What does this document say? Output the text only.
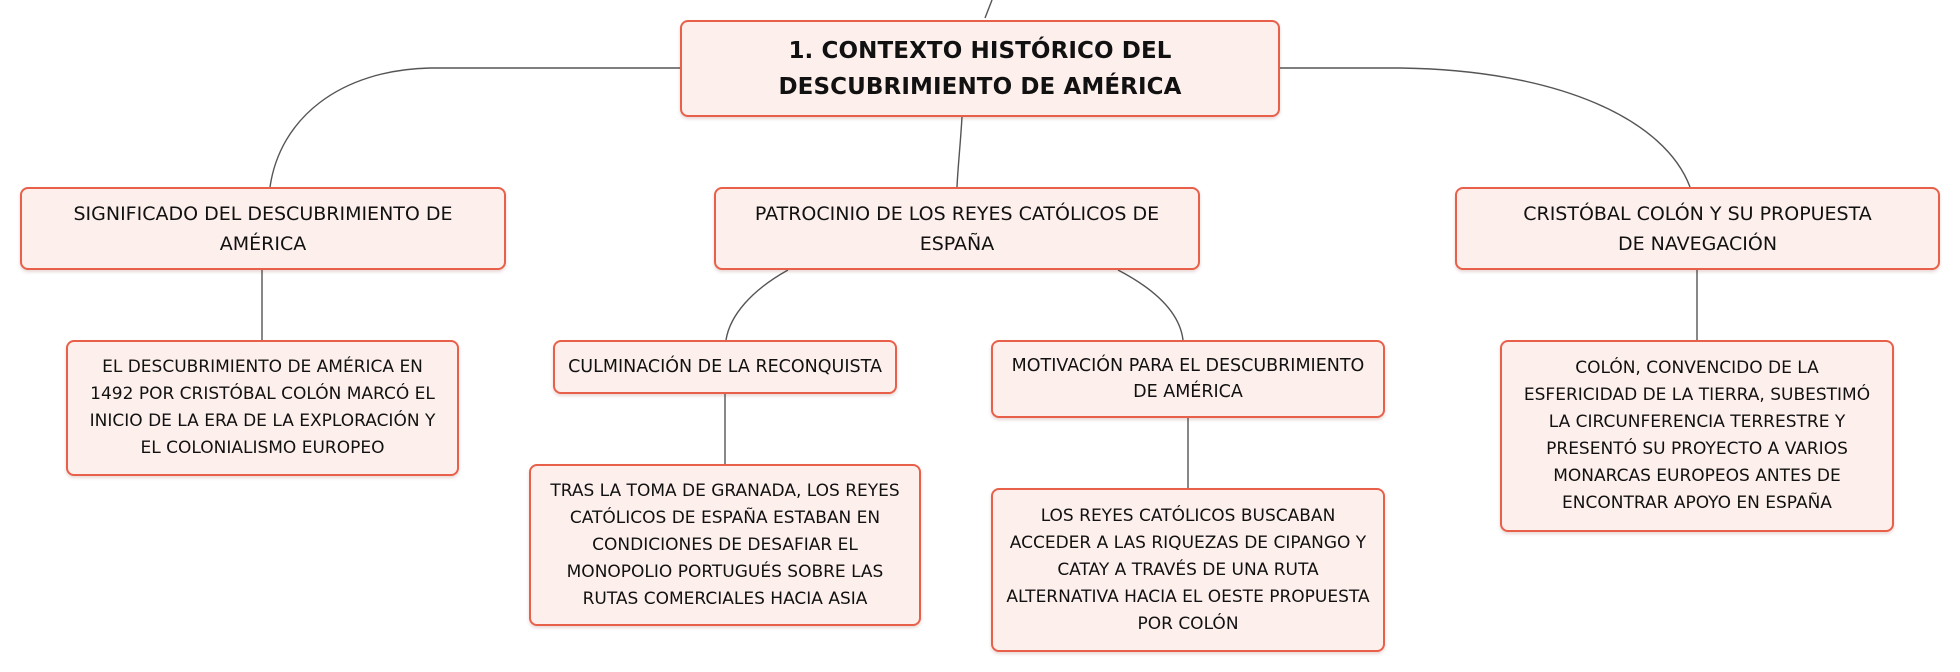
1. CONTEXTO HISTÓRICO DEL DESCUBRIMIENTO DE AMÉRICA
SIGNIFICADO DEL DESCUBRIMIENTO DE AMÉRICA
PATROCINIO DE LOS REYES CATÓLICOS DE ESPAÑA
CRISTÓBAL COLÓN Y SU PROPUESTA DE NAVEGACIÓN
EL DESCUBRIMIENTO DE AMÉRICA EN 1492 POR CRISTÓBAL COLÓN MARCÓ EL INICIO DE LA ERA DE LA EXPLORACIÓN Y EL COLONIALISMO EUROPEO
CULMINACIÓN DE LA RECONQUISTA	MOTIVACIÓN PARA EL DESCUBRIMIENTO DE AMÉRICA
TRAS LA TOMA DE GRANADA, LOS REYES CATÓLICOS DE ESPAÑA ESTABAN EN CONDICIONES DE DESAFIAR EL MONOPOLIO PORTUGUÉS SOBRE LAS RUTAS COMERCIALES HACIA ASIA
LOS REYES CATÓLICOS BUSCABAN ACCEDER A LAS RIQUEZAS DE CIPANGO Y CATAY A TRAVÉS DE UNA RUTA ALTERNATIVA HACIA EL OESTE PROPUESTA POR COLÓN
COLÓN, CONVENCIDO DE LA ESFERICIDAD DE LA TIERRA, SUBESTIMÓ LA CIRCUNFERENCIA TERRESTRE Y PRESENTÓ SU PROYECTO A VARIOS MONARCAS EUROPEOS ANTES DE ENCONTRAR APOYO EN ESPAÑA
